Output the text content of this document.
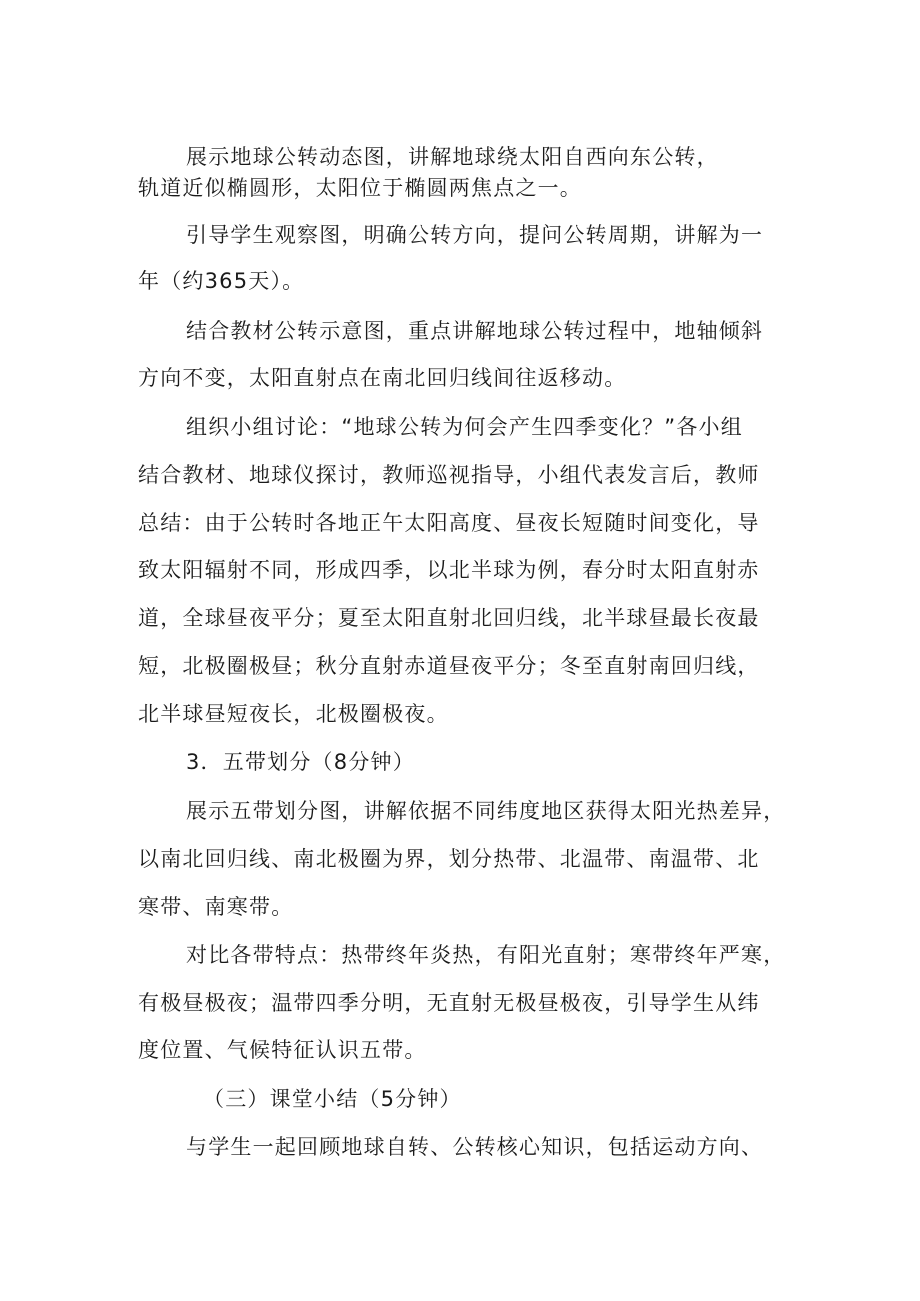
展示地球公转动态图，讲解地球绕太阳自西向东公转，
轨道近似椭圆形，太阳位于椭圆两焦点之一。
引导学生观察图，明确公转方向，提问公转周期，讲解为一
年（约365天）。
结合教材公转示意图，重点讲解地球公转过程中，地轴倾斜
方向不变，太阳直射点在南北回归线间往返移动。
组织小组讨论：“地球公转为何会产生四季变化？”各小组
结合教材、地球仪探讨，教师巡视指导，小组代表发言后，教师
总结：由于公转时各地正午太阳高度、昼夜长短随时间变化，导
致太阳辐射不同，形成四季，以北半球为例，春分时太阳直射赤
道，全球昼夜平分；夏至太阳直射北回归线，北半球昼最长夜最
短，北极圈极昼；秋分直射赤道昼夜平分；冬至直射南回归线，
北半球昼短夜长，北极圈极夜。
3．五带划分（8分钟）
展示五带划分图，讲解依据不同纬度地区获得太阳光热差异，
以南北回归线、南北极圈为界，划分热带、北温带、南温带、北
寒带、南寒带。
对比各带特点：热带终年炎热，有阳光直射；寒带终年严寒，
有极昼极夜；温带四季分明，无直射无极昼极夜，引导学生从纬
度位置、气候特征认识五带。
（三）课堂小结（5分钟）
与学生一起回顾地球自转、公转核心知识，包括运动方向、
